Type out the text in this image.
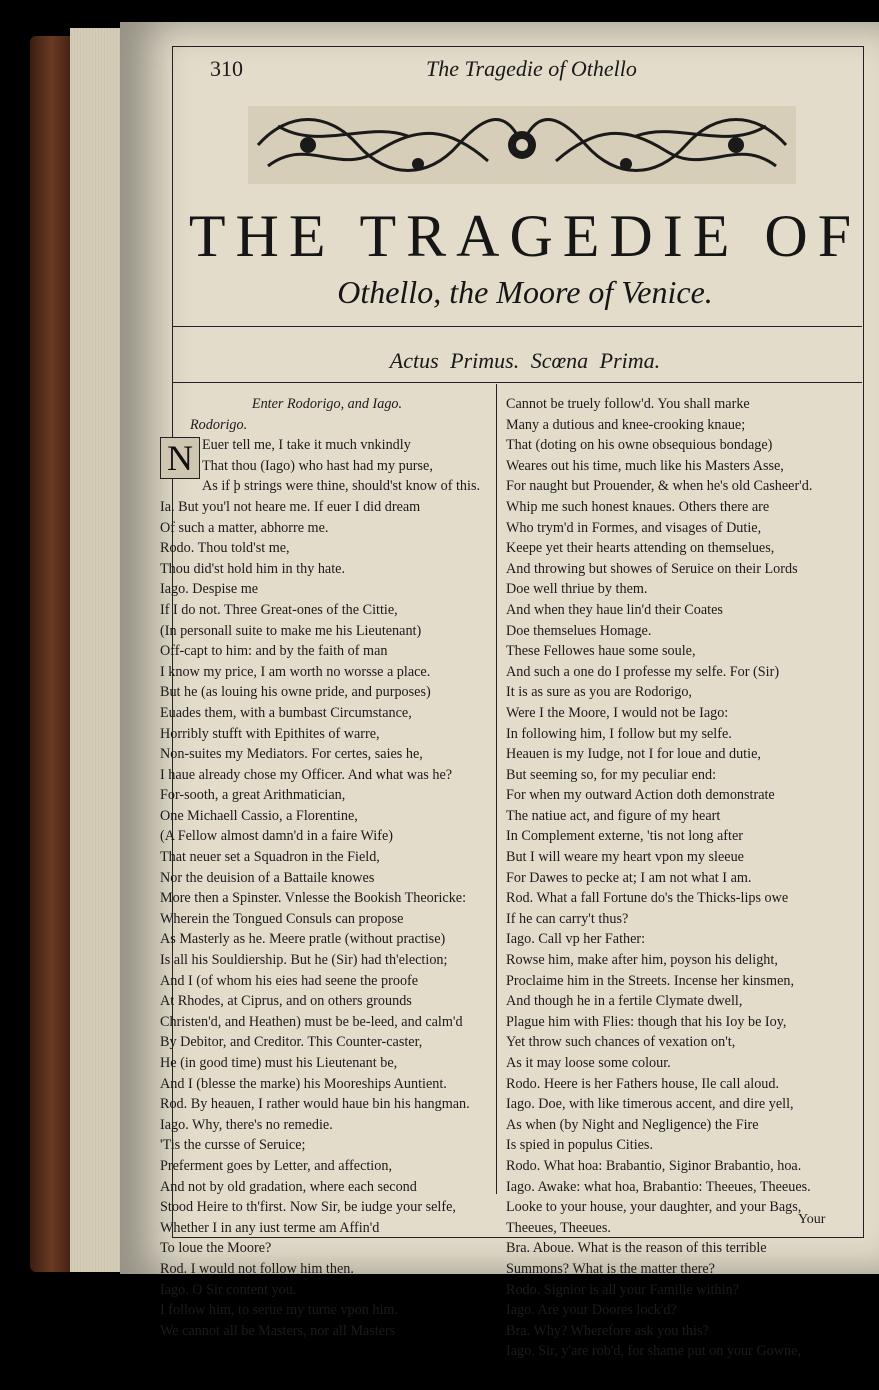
310	The Tragedie of Othello
THE TRAGEDIE OF
Othello, the Moore of Venice.
Actus Primus. Scœna Prima.
Enter Rodorigo, and Iago.
Rodorigo.
N Euer tell me, I take it much vnkindly
That thou (Iago) who hast had my purse,
As if þ strings were thine, should'st know of this.
Ia. But you'l not heare me. If euer I did dream
Of such a matter, abhorre me.
Rodo. Thou told'st me,
Thou did'st hold him in thy hate.
Iago. Despise me
If I do not. Three Great-ones of the Cittie,
(In personall suite to make me his Lieutenant)
Off-capt to him: and by the faith of man
I know my price, I am worth no worsse a place.
But he (as louing his owne pride, and purposes)
Euades them, with a bumbast Circumstance,
Horribly stufft with Epithites of warre,
Non-suites my Mediators. For certes, saies he,
I haue already chose my Officer. And what was he?
For-sooth, a great Arithmatician,
One Michaell Cassio, a Florentine,
(A Fellow almost damn'd in a faire Wife)
That neuer set a Squadron in the Field,
Nor the deuision of a Battaile knowes
More then a Spinster. Vnlesse the Bookish Theoricke:
Wherein the Tongued Consuls can propose
As Masterly as he. Meere pratle (without practise)
Is all his Souldiership. But he (Sir) had th'election;
And I (of whom his eies had seene the proofe
At Rhodes, at Ciprus, and on others grounds
Christen'd, and Heathen) must be be-leed, and calm'd
By Debitor, and Creditor. This Counter-caster,
He (in good time) must his Lieutenant be,
And I (blesse the marke) his Mooreships Auntient.
Rod. By heauen, I rather would haue bin his hangman.
Iago. Why, there's no remedie.
'Tis the cursse of Seruice;
Preferment goes by Letter, and affection,
And not by old gradation, where each second
Stood Heire to th'first. Now Sir, be iudge your selfe,
Whether I in any iust terme am Affin'd
To loue the Moore?
Rod. I would not follow him then.
Iago. O Sir content you.
I follow him, to serue my turne vpon him.
We cannot all be Masters, nor all Masters
Cannot be truely follow'd. You shall marke
Many a dutious and knee-crooking knaue;
That (doting on his owne obsequious bondage)
Weares out his time, much like his Masters Asse,
For naught but Prouender, & when he's old Casheer'd.
Whip me such honest knaues. Others there are
Who trym'd in Formes, and visages of Dutie,
Keepe yet their hearts attending on themselues,
And throwing but showes of Seruice on their Lords
Doe well thriue by them.
And when they haue lin'd their Coates
Doe themselues Homage.
These Fellowes haue some soule,
And such a one do I professe my selfe. For (Sir)
It is as sure as you are Rodorigo,
Were I the Moore, I would not be Iago:
In following him, I follow but my selfe.
Heauen is my Iudge, not I for loue and dutie,
But seeming so, for my peculiar end:
For when my outward Action doth demonstrate
The natiue act, and figure of my heart
In Complement externe, 'tis not long after
But I will weare my heart vpon my sleeue
For Dawes to pecke at; I am not what I am.
Rod. What a fall Fortune do's the Thicks-lips owe
If he can carry't thus?
Iago. Call vp her Father:
Rowse him, make after him, poyson his delight,
Proclaime him in the Streets. Incense her kinsmen,
And though he in a fertile Clymate dwell,
Plague him with Flies: though that his Ioy be Ioy,
Yet throw such chances of vexation on't,
As it may loose some colour.
Rodo. Heere is her Fathers house, Ile call aloud.
Iago. Doe, with like timerous accent, and dire yell,
As when (by Night and Negligence) the Fire
Is spied in populus Cities.
Rodo. What hoa: Brabantio, Siginor Brabantio, hoa.
Iago. Awake: what hoa, Brabantio: Theeues, Theeues.
Looke to your house, your daughter, and your Bags,
Theeues, Theeues.
Bra. Aboue. What is the reason of this terrible
Summons? What is the matter there?
Rodo. Signior is all your Familie within?
Iago. Are your Doores lock'd?
Bra. Why? Wherefore ask you this?
Iago. Sir, y'are rob'd, for shame put on your Gowne,
Your
